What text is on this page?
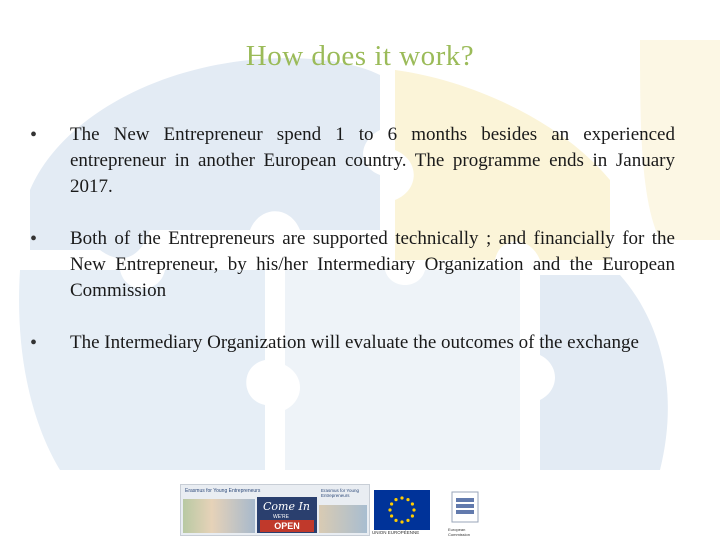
How does it work?
• The New Entrepreneur spend 1 to 6 months besides an experienced entrepreneur in another European country. The programme ends in January 2017.
• Both of the Entrepreneurs are supported technically ; and financially for the New Entrepreneur, by his/her Intermediary Organization and the European Commission
• The Intermediary Organization will evaluate the outcomes of the exchange
Erasmus for Young Entrepreneurs	Erasmus for Young Entrepreneurs
Come In
WE'RE
OPEN
UNION EUROPÉENNE
European Commission
